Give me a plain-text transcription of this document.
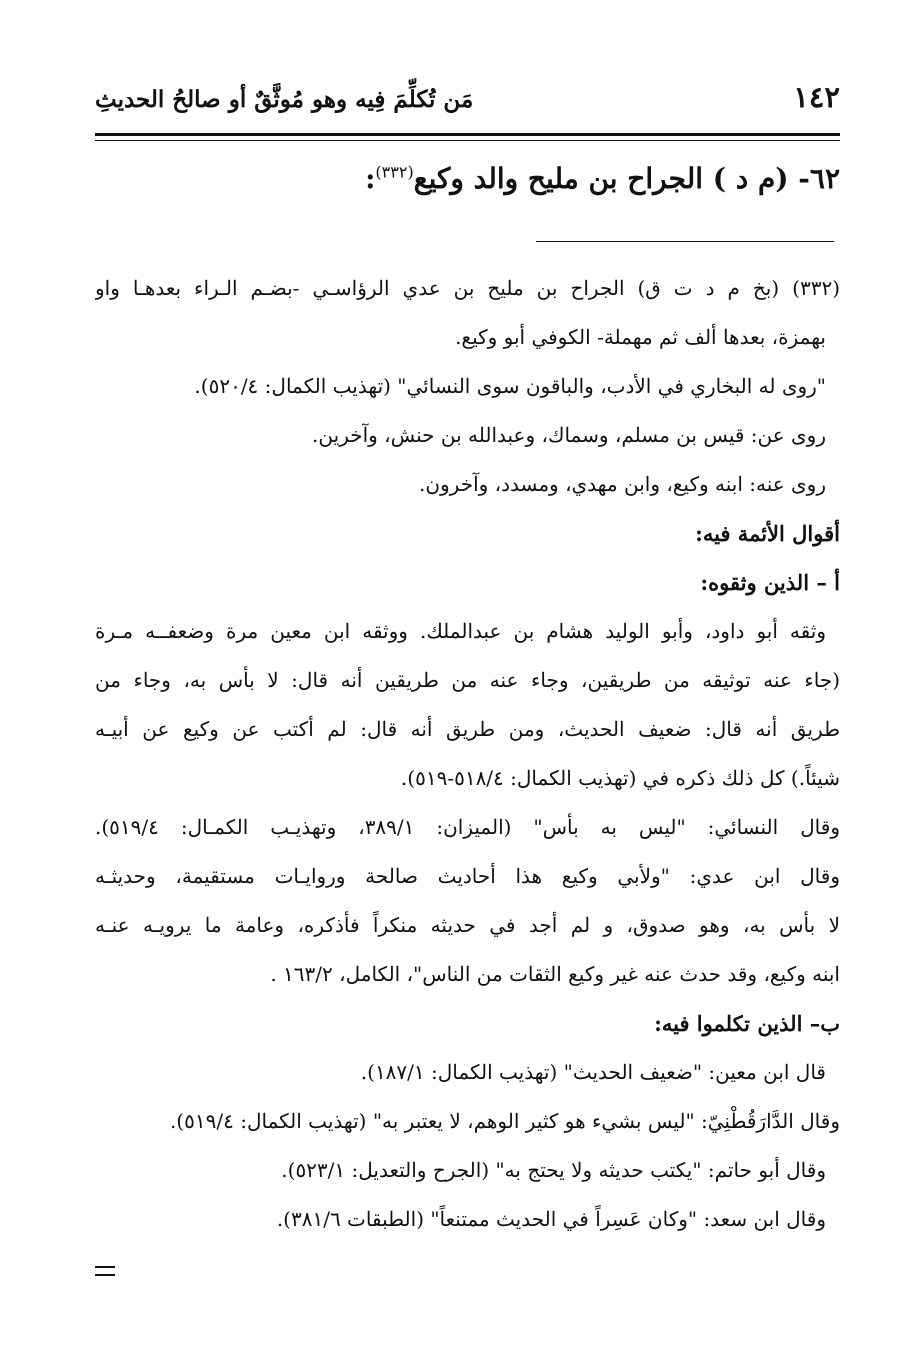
١٤٢
مَن تُكلِّمَ فِيه وهو مُوثَّقٌ أو صالحُ الحديثِ
٦٢- (م د ) الجراح بن مليح والد وكيع$^{(٣٣٢)}$:
(٣٣٢) (بخ م د ت ق) الجراح بن مليح بن عدي الرؤاسـي -بضـم الـراء بعدهـا واو
بهمزة، بعدها ألف ثم مهملة- الكوفي أبو وكيع.
"روى له البخاري في الأدب، والباقون سوى النسائي" (تهذيب الكمال: ٥٢٠/٤).
روى عن: قيس بن مسلم، وسماك، وعبدالله بن حنش، وآخرين.
روى عنه: ابنه وكيع، وابن مهدي، ومسدد، وآخرون.
أقوال الأئمة فيه:
أ – الذين وثقوه:
وثقه أبو داود، وأبو الوليد هشام بن عبدالملك. ووثقه ابن معين مرة وضعفــه مـرة
(جاء عنه توثيقه من طريقين، وجاء عنه من طريقين أنه قال: لا بأس به، وجاء من
طريق أنه قال: ضعيف الحديث، ومن طريق أنه قال: لم أكتب عن وكيع عن أبيـه
شيئاً.) كل ذلك ذكره في (تهذيب الكمال: ٥١٨/٤-٥١٩).
وقال النسائي: "ليس به بأس" (الميزان: ٣٨٩/١، وتهذيـب الكمـال: ٥١٩/٤).
وقال ابن عدي: "ولأبي وكيع هذا أحاديث صالحة وروايـات مستقيمة، وحديثـه
لا بأس به، وهو صدوق، و لم أجد في حديثه منكراً فأذكره، وعامة ما يرويـه عنـه
ابنه وكيع، وقد حدث عنه غير وكيع الثقات من الناس"، الكامل، ١٦٣/٢ .
ب– الذين تكلموا فيه:
قال ابن معين: "ضعيف الحديث" (تهذيب الكمال: ١٨٧/١).
وقال الدَّارَقُطْنِيّ: "ليس بشيء هو كثير الوهم، لا يعتبر به" (تهذيب الكمال: ٥١٩/٤).
وقال أبو حاتم: "يكتب حديثه ولا يحتج به" (الجرح والتعديل: ٥٢٣/١).
وقال ابن سعد: "وكان عَسِراً في الحديث ممتنعاً" (الطبقات ٣٨١/٦).
